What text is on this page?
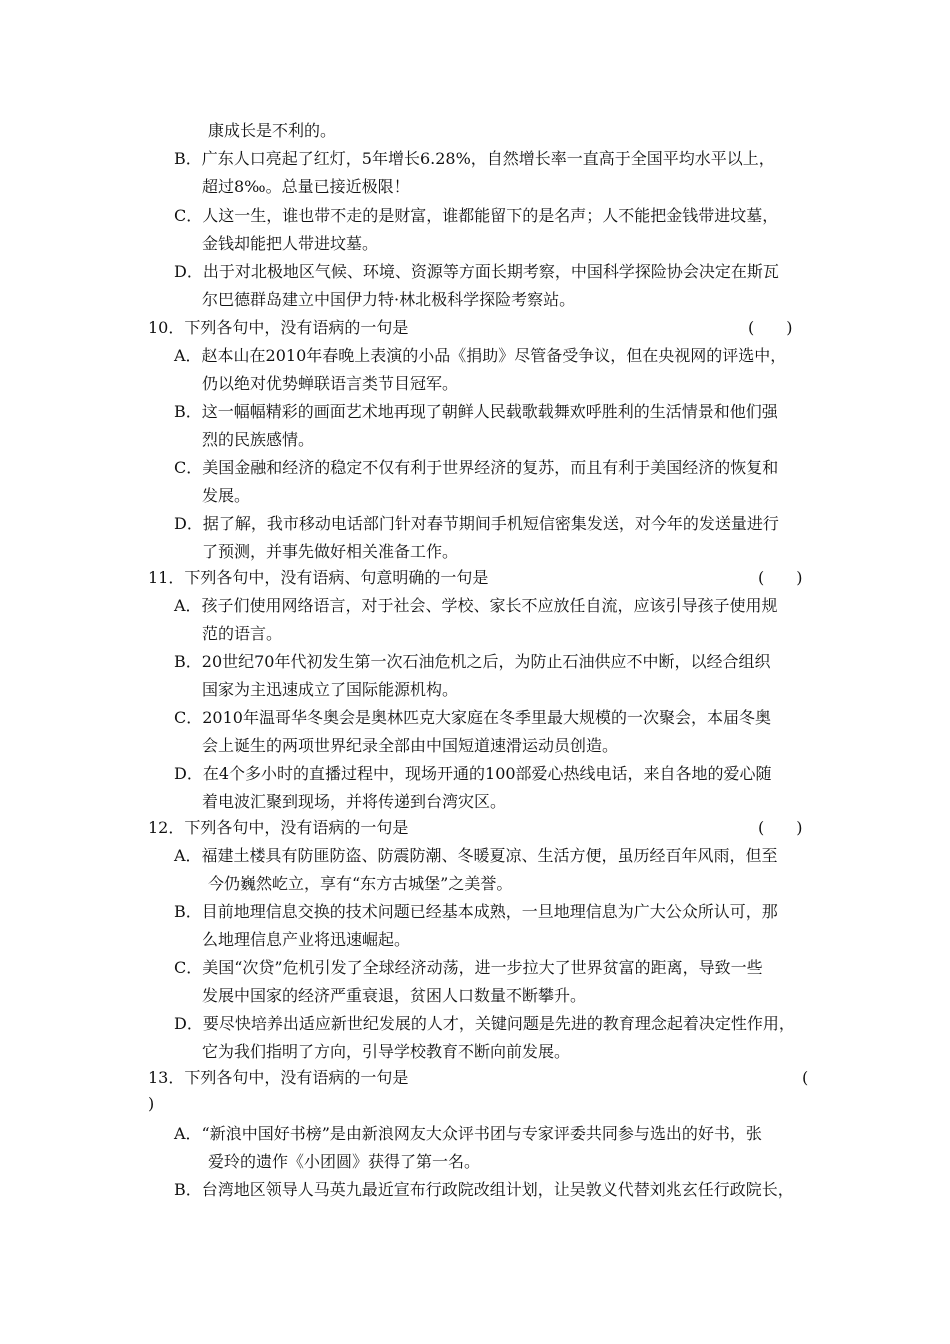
康成长是不利的。
B．广东人口亮起了红灯，5年增长6.28%，自然增长率一直高于全国平均水平以上，
超过8‰。总量已接近极限！
C．人这一生，谁也带不走的是财富，谁都能留下的是名声；人不能把金钱带进坟墓，
金钱却能把人带进坟墓。
D．出于对北极地区气候、环境、资源等方面长期考察，中国科学探险协会决定在斯瓦
尔巴德群岛建立中国伊力特·林北极科学探险考察站。
10．下列各句中，没有语病的一句是	(　　)
A．赵本山在2010年春晚上表演的小品《捐助》尽管备受争议，但在央视网的评选中，
仍以绝对优势蝉联语言类节目冠军。
B．这一幅幅精彩的画面艺术地再现了朝鲜人民载歌载舞欢呼胜利的生活情景和他们强
烈的民族感情。
C．美国金融和经济的稳定不仅有利于世界经济的复苏，而且有利于美国经济的恢复和
发展。
D．据了解，我市移动电话部门针对春节期间手机短信密集发送，对今年的发送量进行
了预测，并事先做好相关准备工作。
11．下列各句中，没有语病、句意明确的一句是	(　　)
A．孩子们使用网络语言，对于社会、学校、家长不应放任自流，应该引导孩子使用规
范的语言。
B．20世纪70年代初发生第一次石油危机之后，为防止石油供应不中断，以经合组织
国家为主迅速成立了国际能源机构。
C．2010年温哥华冬奥会是奥林匹克大家庭在冬季里最大规模的一次聚会，本届冬奥
会上诞生的两项世界纪录全部由中国短道速滑运动员创造。
D．在4个多小时的直播过程中，现场开通的100部爱心热线电话，来自各地的爱心随
着电波汇聚到现场，并将传递到台湾灾区。
12．下列各句中，没有语病的一句是	(　　)
A．福建土楼具有防匪防盗、防震防潮、冬暖夏凉、生活方便，虽历经百年风雨，但至
今仍巍然屹立，享有“东方古城堡”之美誉。
B．目前地理信息交换的技术问题已经基本成熟，一旦地理信息为广大公众所认可，那
么地理信息产业将迅速崛起。
C．美国“次贷”危机引发了全球经济动荡，进一步拉大了世界贫富的距离，导致一些
发展中国家的经济严重衰退，贫困人口数量不断攀升。
D．要尽快培养出适应新世纪发展的人才，关键问题是先进的教育理念起着决定性作用，
它为我们指明了方向，引导学校教育不断向前发展。
13．下列各句中，没有语病的一句是	(
)
A．“新浪中国好书榜”是由新浪网友大众评书团与专家评委共同参与选出的好书，张
爱玲的遗作《小团圆》获得了第一名。
B．台湾地区领导人马英九最近宣布行政院改组计划，让吴敦义代替刘兆玄任行政院长，
